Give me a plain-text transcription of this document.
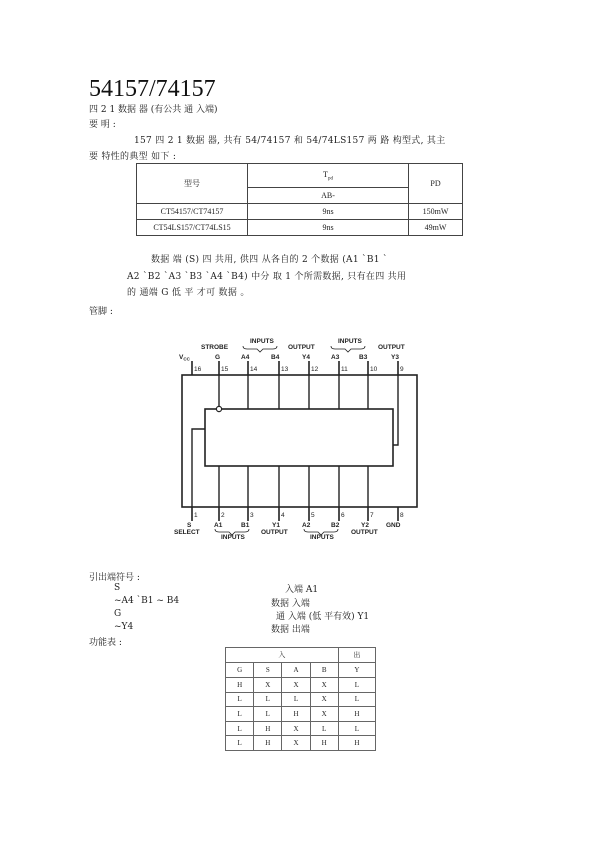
54157/74157
四 2 1 数据 器 (有公共 通 入端)
要 明 :
157 四 2 1 数据 器, 共有 54/74157 和 54/74LS157 两 路 构型式, 其主
要 特性的典型 如下 :
型号	$T_{pd}$	PD
	AB-	
CT54157/CT74157	9ns	150mW
CT54LS157/CT74LS15	9ns	49mW
数据 端 (S) 四 共用, 供四 从各自的 2 个数据 (A1 `B1 `
A2 `B2 `A3 `B3 `A4 `B4) 中分 取 1 个所需数据, 只有在四 共用
的 通端 G 低 平 才可 数据 。
管脚 :
16	15	14	13	12	11	10	9
1	2	3	4	5	6	7	8
STROBE
$V_{CC}$	G
INPUTS
A4	B4
OUTPUT
Y4
INPUTS
A3	B3
OUTPUT
Y3
S
SELECT
A1	B1
INPUTS
Y1
OUTPUT
A2	B2
INPUTS
Y2
OUTPUT
GND
引出端符号 :
S	入端 A1
~A4 `B1 ~ B4	数据 入端
G	通 入端 (低 平有效) Y1
~Y4	数据 出端
功能表 :
入				出
G	S	A	B	Y
H	X	X	X	L
L	L	L	X	L
L	L	H	X	H
L	H	X	L	L
L	H	X	H	H
